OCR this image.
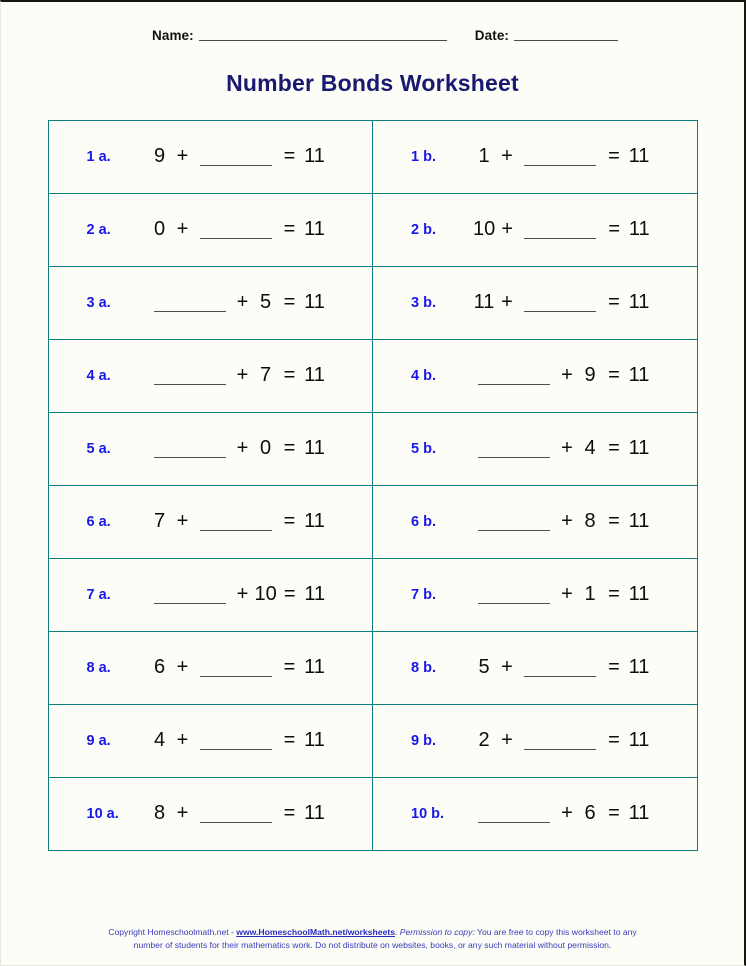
Name:	Date:
Number Bonds Worksheet
1 a. 9 + = 11	1 b. 1 + = 11

2 a. 0 + = 11	2 b. 10 + = 11

3 a. + 5 = 11	3 b. 11 + = 11

4 a. + 7 = 11	4 b. + 9 = 11

5 a. + 0 = 11	5 b. + 4 = 11

6 a. 7 + = 11	6 b. + 8 = 11

7 a. + 10 = 11	7 b. + 1 = 11

8 a. 6 + = 11	8 b. 5 + = 11

9 a. 4 + = 11	9 b. 2 + = 11

10 a. 8 + = 11	10 b. + 6 = 11
Copyright Homeschoolmath.net - www.HomeschoolMath.net/worksheets. Permission to copy: You are free to copy this worksheet to any
number of students for their mathematics work. Do not distribute on websites, books, or any such material without permission.
